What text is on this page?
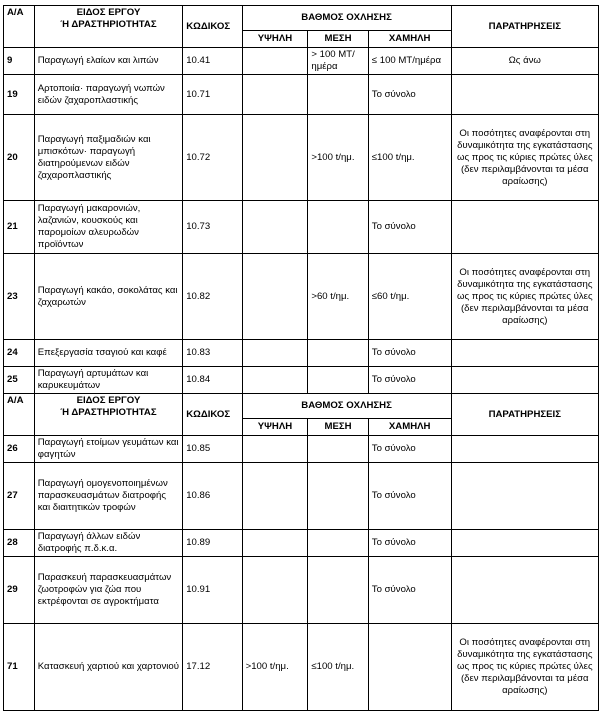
Α/Α	ΕΙΔΟΣ ΕΡΓΟΥ
Ή ΔΡΑΣΤΗΡΙΟΤΗΤΑΣ	ΚΩΔΙΚΟΣ	ΒΑΘΜΟΣ ΟΧΛΗΣΗΣ			ΠΑΡΑΤΗΡΗΣΕΙΣ
			ΥΨΗΛΗ	ΜΕΣΗ	ΧΑΜΗΛΗ	
9	Παραγωγή ελαίων και λιπών	10.41		> 100 MT/ημέρα	≤ 100 MT/ημέρα	Ως άνω
19	Αρτοποιία· παραγωγή νωπών ειδών ζαχαροπλαστικής	10.71			Το σύνολο	
20	Παραγωγή παξιμαδιών και μπισκότων· παραγωγή διατηρούμενων ειδών ζαχαροπλαστικής	10.72		>100 t/ημ.	≤100 t/ημ.	Οι ποσότητες αναφέρονται στη δυναμικότητα της εγκατάστασης ως προς τις κύριες πρώτες ύλες (δεν περιλαμβάνονται τα μέσα αραίωσης)
21	Παραγωγή μακαρονιών, λαζανιών, κουσκούς και παρομοίων αλευρωδών προϊόντων	10.73			Το σύνολο	
23	Παραγωγή κακάο, σοκολάτας και ζαχαρωτών	10.82		>60 t/ημ.	≤60 t/ημ.	Οι ποσότητες αναφέρονται στη δυναμικότητα της εγκατάστασης ως προς τις κύριες πρώτες ύλες (δεν περιλαμβάνονται τα μέσα αραίωσης)
24	Επεξεργασία τσαγιού και καφέ	10.83			Το σύνολο	
25	Παραγωγή αρτυμάτων και καρυκευμάτων	10.84			Το σύνολο	
Α/Α	ΕΙΔΟΣ ΕΡΓΟΥ
Ή ΔΡΑΣΤΗΡΙΟΤΗΤΑΣ	ΚΩΔΙΚΟΣ	ΒΑΘΜΟΣ ΟΧΛΗΣΗΣ			ΠΑΡΑΤΗΡΗΣΕΙΣ
			ΥΨΗΛΗ	ΜΕΣΗ	ΧΑΜΗΛΗ	
26	Παραγωγή ετοίμων γευμάτων και φαγητών	10.85			Το σύνολο	
27	Παραγωγή ομογενοποιημένων παρασκευασμάτων διατροφής και διαιτητικών τροφών	10.86			Το σύνολο	
28	Παραγωγή άλλων ειδών διατροφής π.δ.κ.α.	10.89			Το σύνολο	
29	Παρασκευή παρασκευασμάτων ζωοτροφών για ζώα που εκτρέφονται σε αγροκτήματα	10.91			Το σύνολο	
71	Κατασκευή χαρτιού και χαρτονιού	17.12	>100 t/ημ.	≤100 t/ημ.		Οι ποσότητες αναφέρονται στη δυναμικότητα της εγκατάστασης ως προς τις κύριες πρώτες ύλες (δεν περιλαμβάνονται τα μέσα αραίωσης)
